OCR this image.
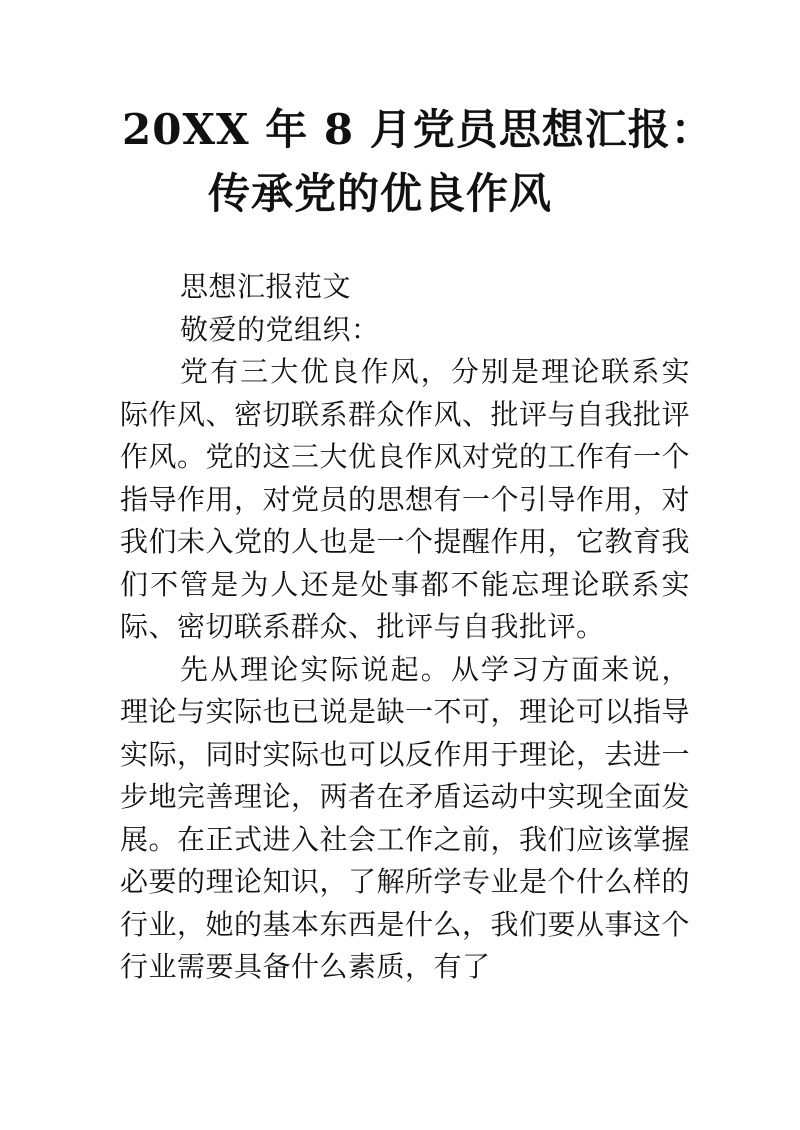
20XX 年 8 月党员思想汇报：
传承党的优良作风

思想汇报范文

敬爱的党组织：

党有三大优良作风，分别是理论联系实际作风、密切联系群众作风、批评与自我批评作风。党的这三大优良作风对党的工作有一个指导作用，对党员的思想有一个引导作用，对我们未入党的人也是一个提醒作用，它教育我们不管是为人还是处事都不能忘理论联系实际、密切联系群众、批评与自我批评。

先从理论实际说起。从学习方面来说，理论与实际也已说是缺一不可，理论可以指导实际，同时实际也可以反作用于理论，去进一步地完善理论，两者在矛盾运动中实现全面发展。在正式进入社会工作之前，我们应该掌握必要的理论知识，了解所学专业是个什么样的行业，她的基本东西是什么，我们要从事这个行业需要具备什么素质，有了
